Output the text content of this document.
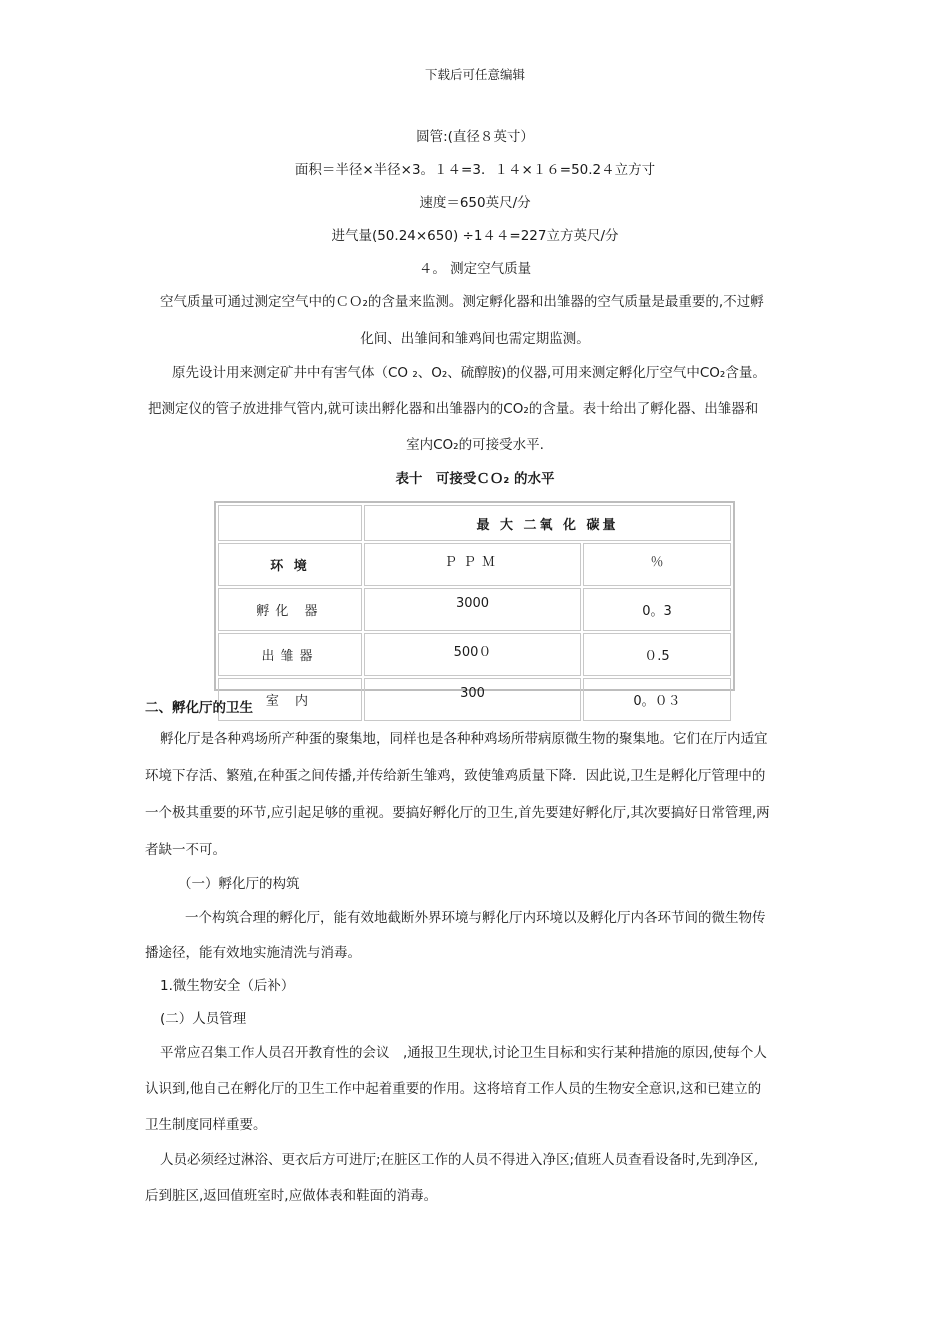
下载后可任意编辑
圆管:(直径８英寸）
面积＝半径×半径×3。１４=3．１４×１６=50.2４立方寸
速度＝650英尺/分
进气量(50.24×650) ÷1４４=227立方英尺/分
４。 测定空气质量
空气质量可通过测定空气中的ＣＯ₂的含量来监测。测定孵化器和出雏器的空气质量是最重要的,不过孵
化间、出雏间和雏鸡间也需定期监测。
原先设计用来测定矿井中有害气体（CO ₂、O₂、硫醇胺)的仪器,可用来测定孵化厅空气中CO₂含量。
把测定仪的管子放进排气管内,就可读出孵化器和出雏器内的CO₂的含量。表十给出了孵化器、出雏器和
室内CO₂的可接受水平.
表十　可接受ＣＯ₂ 的水平
	最 大 二氧 化 碳量	
环 境	ＰＰＭ	％
孵化 器	3000	0。3
出雏器	500０	０.5
室 内	300	0。０３
二、孵化厅的卫生
孵化厅是各种鸡场所产种蛋的聚集地，同样也是各种种鸡场所带病原微生物的聚集地。它们在厅内适宜
环境下存活、繁殖,在种蛋之间传播,并传给新生雏鸡，致使雏鸡质量下降．因此说,卫生是孵化厅管理中的
一个极其重要的环节,应引起足够的重视。要搞好孵化厅的卫生,首先要建好孵化厅,其次要搞好日常管理,两
者缺一不可。
（一）孵化厅的构筑
一个构筑合理的孵化厅，能有效地截断外界环境与孵化厅内环境以及孵化厅内各环节间的微生物传
播途径，能有效地实施清洗与消毒。
1.微生物安全（后补）
(二）人员管理
平常应召集工作人员召开教育性的会议　,通报卫生现状,讨论卫生目标和实行某种措施的原因,使每个人
认识到,他自己在孵化厅的卫生工作中起着重要的作用。这将培育工作人员的生物安全意识,这和已建立的
卫生制度同样重要。
人员必须经过淋浴、更衣后方可进厅;在脏区工作的人员不得进入净区;值班人员查看设备时,先到净区,
后到脏区,返回值班室时,应做体表和鞋面的消毒。
